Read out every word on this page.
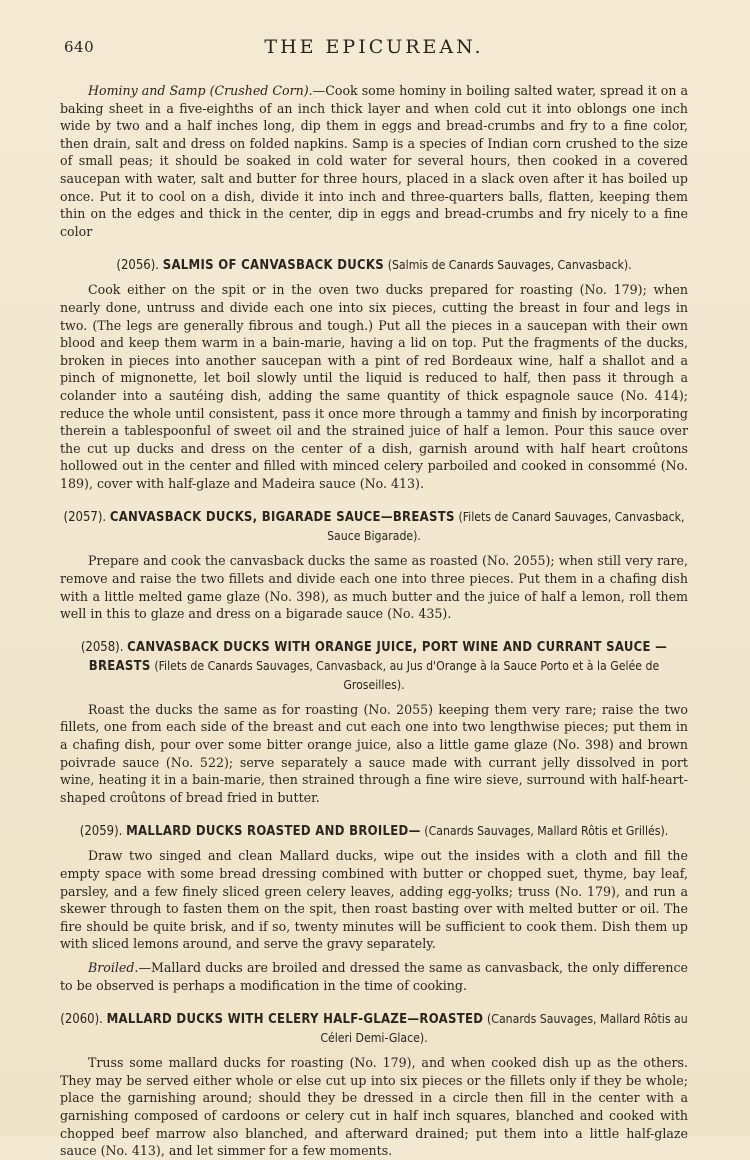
640	THE EPICUREAN.

Hominy and Samp (Crushed Corn).—Cook some hominy in boiling salted water, spread it on a baking sheet in a five-eighths of an inch thick layer and when cold cut it into oblongs one inch wide by two and a half inches long, dip them in eggs and bread-crumbs and fry to a fine color, then drain, salt and dress on folded napkins. Samp is a species of Indian corn crushed to the size of small peas; it should be soaked in cold water for several hours, then cooked in a covered saucepan with water, salt and butter for three hours, placed in a slack oven after it has boiled up once. Put it to cool on a dish, divide it into inch and three-quarters balls, flatten, keeping them thin on the edges and thick in the center, dip in eggs and bread-crumbs and fry nicely to a fine color

(2056). SALMIS OF CANVASBACK DUCKS (Salmis de Canards Sauvages, Canvasback).

Cook either on the spit or in the oven two ducks prepared for roasting (No. 179); when nearly done, untruss and divide each one into six pieces, cutting the breast in four and legs in two. (The legs are generally fibrous and tough.) Put all the pieces in a saucepan with their own blood and keep them warm in a bain-marie, having a lid on top. Put the fragments of the ducks, broken in pieces into another saucepan with a pint of red Bordeaux wine, half a shallot and a pinch of mignonette, let boil slowly until the liquid is reduced to half, then pass it through a colander into a sautéing dish, adding the same quantity of thick espagnole sauce (No. 414); reduce the whole until consistent, pass it once more through a tammy and finish by incorporating therein a tablespoonful of sweet oil and the strained juice of half a lemon. Pour this sauce over the cut up ducks and dress on the center of a dish, garnish around with half heart croûtons hollowed out in the center and filled with minced celery parboiled and cooked in consommé (No. 189), cover with half-glaze and Madeira sauce (No. 413).

(2057). CANVASBACK DUCKS, BIGARADE SAUCE—BREASTS (Filets de Canard Sauvages, Canvasback, Sauce Bigarade).

Prepare and cook the canvasback ducks the same as roasted (No. 2055); when still very rare, remove and raise the two fillets and divide each one into three pieces. Put them in a chafing dish with a little melted game glaze (No. 398), as much butter and the juice of half a lemon, roll them well in this to glaze and dress on a bigarade sauce (No. 435).

(2058). CANVASBACK DUCKS WITH ORANGE JUICE, PORT WINE AND CURRANT SAUCE —BREASTS (Filets de Canards Sauvages, Canvasback, au Jus d'Orange à la Sauce Porto et à la Gelée de Groseilles).

Roast the ducks the same as for roasting (No. 2055) keeping them very rare; raise the two fillets, one from each side of the breast and cut each one into two lengthwise pieces; put them in a chafing dish, pour over some bitter orange juice, also a little game glaze (No. 398) and brown poivrade sauce (No. 522); serve separately a sauce made with currant jelly dissolved in port wine, heating it in a bain-marie, then strained through a fine wire sieve, surround with half-heart-shaped croûtons of bread fried in butter.

(2059). MALLARD DUCKS ROASTED AND BROILED— (Canards Sauvages, Mallard Rôtis et Grillés).

Draw two singed and clean Mallard ducks, wipe out the insides with a cloth and fill the empty space with some bread dressing combined with butter or chopped suet, thyme, bay leaf, parsley, and a few finely sliced green celery leaves, adding egg-yolks; truss (No. 179), and run a skewer through to fasten them on the spit, then roast basting over with melted butter or oil. The fire should be quite brisk, and if so, twenty minutes will be sufficient to cook them. Dish them up with sliced lemons around, and serve the gravy separately.

Broiled.—Mallard ducks are broiled and dressed the same as canvasback, the only difference to be observed is perhaps a modification in the time of cooking.

(2060). MALLARD DUCKS WITH CELERY HALF-GLAZE—ROASTED (Canards Sauvages, Mallard Rôtis au Céleri Demi-Glace).

Truss some mallard ducks for roasting (No. 179), and when cooked dish up as the others. They may be served either whole or else cut up into six pieces or the fillets only if they be whole; place the garnishing around; should they be dressed in a circle then fill in the center with a garnishing composed of cardoons or celery cut in half inch squares, blanched and cooked with chopped beef marrow also blanched, and afterward drained; put them into a little half-glaze sauce (No. 413), and let simmer for a few moments.
